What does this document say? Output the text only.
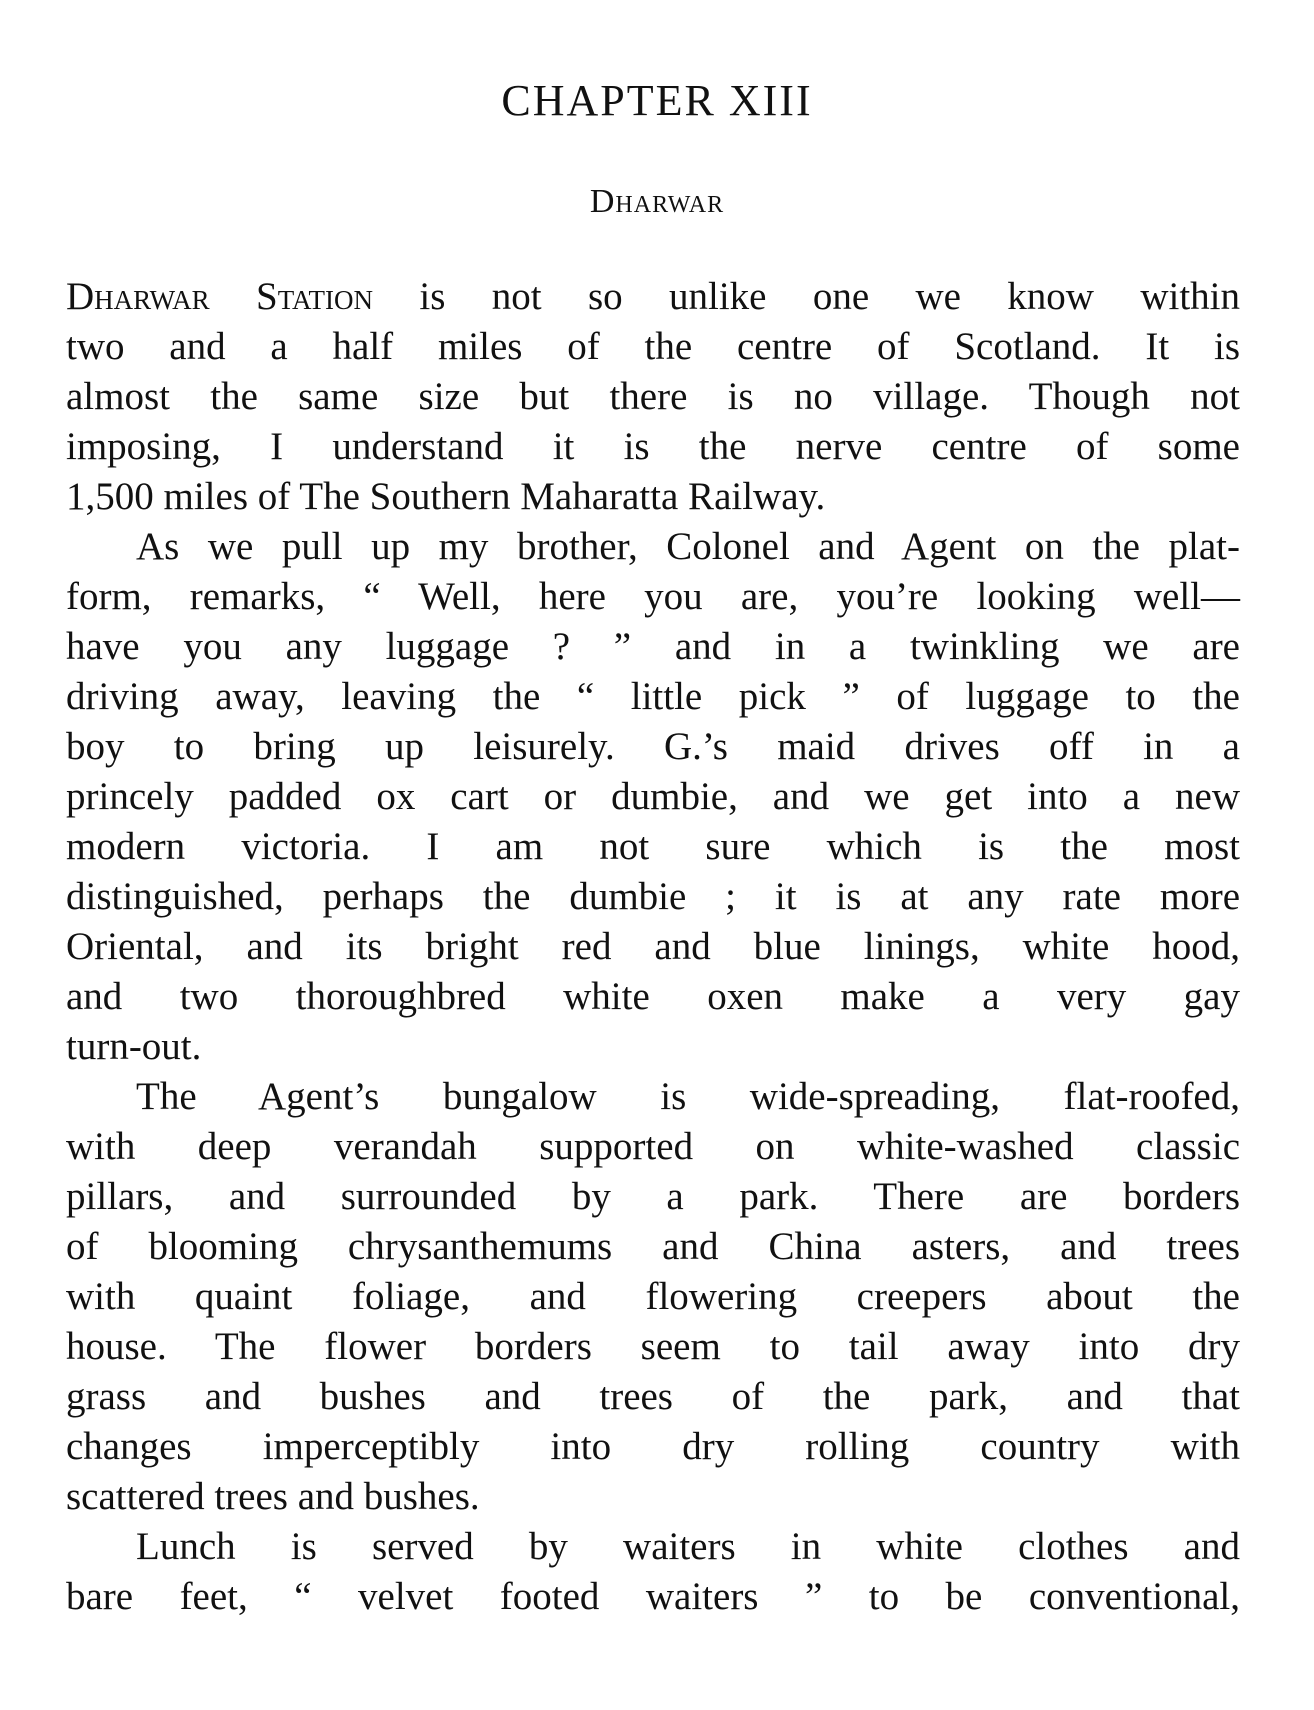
CHAPTER XIII
Dharwar
Dharwar Station is not so unlike one we know within
two and a half miles of the centre of Scotland. It is
almost the same size but there is no village. Though not
imposing, I understand it is the nerve centre of some
1,500 miles of The Southern Maharatta Railway.
As we pull up my brother, Colonel and Agent on the plat-
form, remarks, “ Well, here you are, you’re looking well—
have you any luggage ? ” and in a twinkling we are
driving away, leaving the “ little pick ” of luggage to the
boy to bring up leisurely. G.’s maid drives off in a
princely padded ox cart or dumbie, and we get into a new
modern victoria. I am not sure which is the most
distinguished, perhaps the dumbie ; it is at any rate more
Oriental, and its bright red and blue linings, white hood,
and two thoroughbred white oxen make a very gay
turn-out.
The Agent’s bungalow is wide-spreading, flat-roofed,
with deep verandah supported on white-washed classic
pillars, and surrounded by a park. There are borders
of blooming chrysanthemums and China asters, and trees
with quaint foliage, and flowering creepers about the
house. The flower borders seem to tail away into dry
grass and bushes and trees of the park, and that
changes imperceptibly into dry rolling country with
scattered trees and bushes.
Lunch is served by waiters in white clothes and
bare feet, “ velvet footed waiters ” to be conventional,
